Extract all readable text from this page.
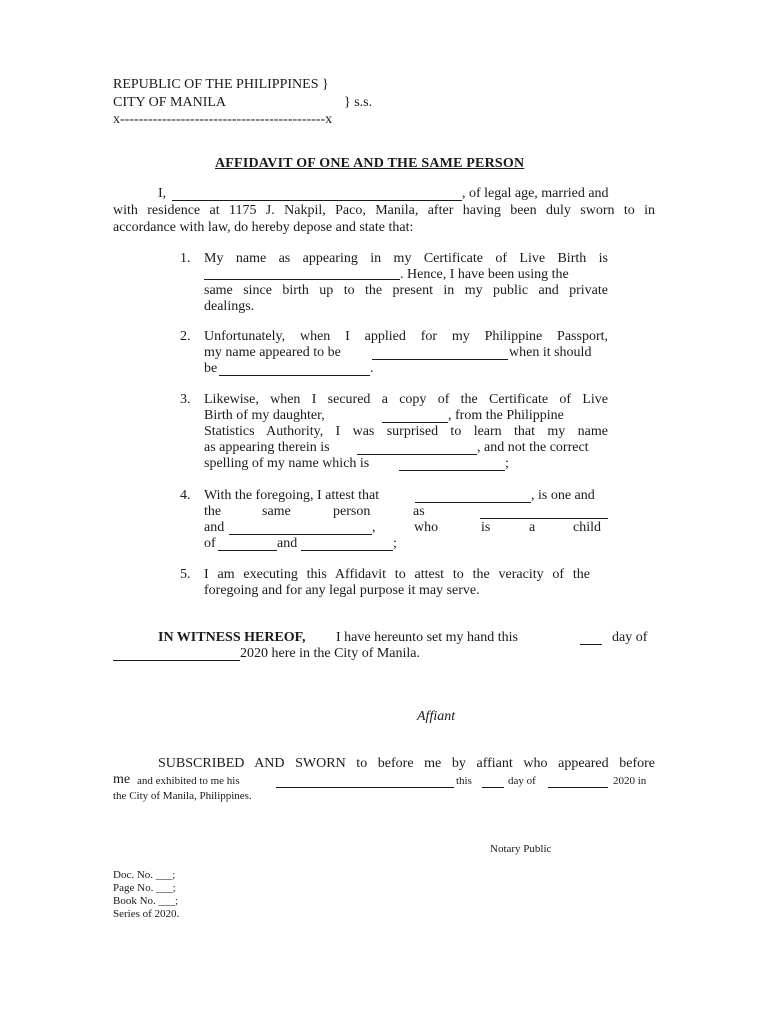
REPUBLIC OF THE PHILIPPINES }
CITY OF MANILA	} s.s.
x--------------------------------------------x
AFFIDAVIT OF ONE AND THE SAME PERSON
I,	, of legal age, married and
with residence at 1175 J. Nakpil, Paco, Manila, after having been duly sworn to in
accordance with law, do hereby depose and state that:
1. My name as appearing in my Certificate of Live Birth is
. Hence, I have been using the
same since birth up to the present in my public and private
dealings.
2. Unfortunately, when I applied for my Philippine Passport,
my name appeared to be	when it should
be	.
3. Likewise, when I secured a copy of the Certificate of Live
Birth of my daughter,	, from the Philippine
Statistics Authority, I was surprised to learn that my name
as appearing therein is	, and not the correct
spelling of my name which is	;
4. With the foregoing, I attest that	, is one and
the	same	person	as
and	,	who	is	a	child
of	and	;
5. I am executing this Affidavit to attest to the veracity of the
foregoing and for any legal purpose it may serve.
IN WITNESS HEREOF, I have hereunto set my hand this	day of
2020 here in the City of Manila.
Affiant
SUBSCRIBED AND SWORN to before me by affiant who appeared before
me and exhibited to me his	this	day of	2020 in
the City of Manila, Philippines.
Notary Public
Doc. No. ___;
Page No. ___;
Book No. ___;
Series of 2020.
